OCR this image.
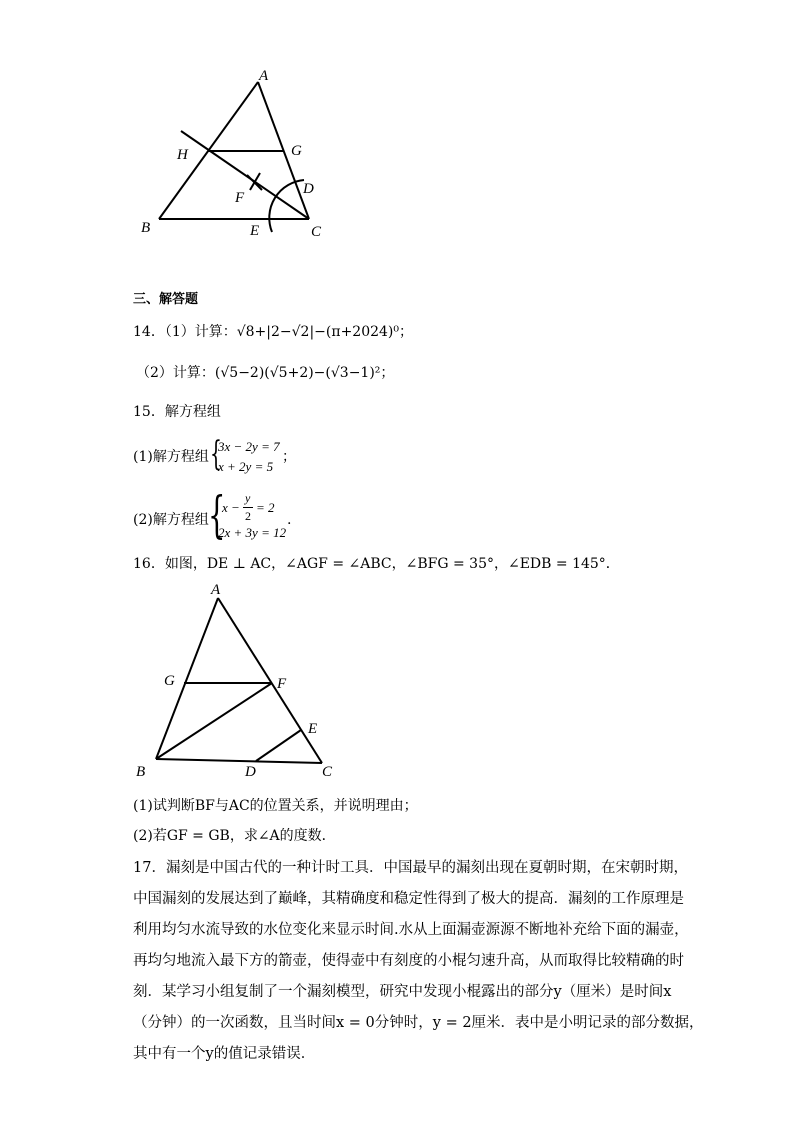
A
H	G
F
D
B	E	C
三、解答题
14．（1）计算：√8+|2−√2|−(π+2024)⁰；
（2）计算：(√5−2)(√5+2)−(√3−1)²；
15．解方程组
(1)解方程组 {
3x − 2y = 7
x + 2y = 5
；
(2)解方程组 {
x −
y
2
= 2
2x + 3y = 12
.
16．如图，DE ⊥ AC，∠AGF = ∠ABC，∠BFG = 35°，∠EDB = 145°．
A
G	F
E
B	D	C
(1)试判断BF与AC的位置关系，并说明理由；
(2)若GF = GB，求∠A的度数．
17．漏刻是中国古代的一种计时工具．中国最早的漏刻出现在夏朝时期，在宋朝时期，
中国漏刻的发展达到了巅峰，其精确度和稳定性得到了极大的提高．漏刻的工作原理是
利用均匀水流导致的水位变化来显示时间.水从上面漏壶源源不断地补充给下面的漏壶，
再均匀地流入最下方的箭壶，使得壶中有刻度的小棍匀速升高，从而取得比较精确的时
刻．某学习小组复制了一个漏刻模型，研究中发现小棍露出的部分y（厘米）是时间x
（分钟）的一次函数，且当时间x = 0分钟时，y = 2厘米．表中是小明记录的部分数据，
其中有一个y的值记录错误．
